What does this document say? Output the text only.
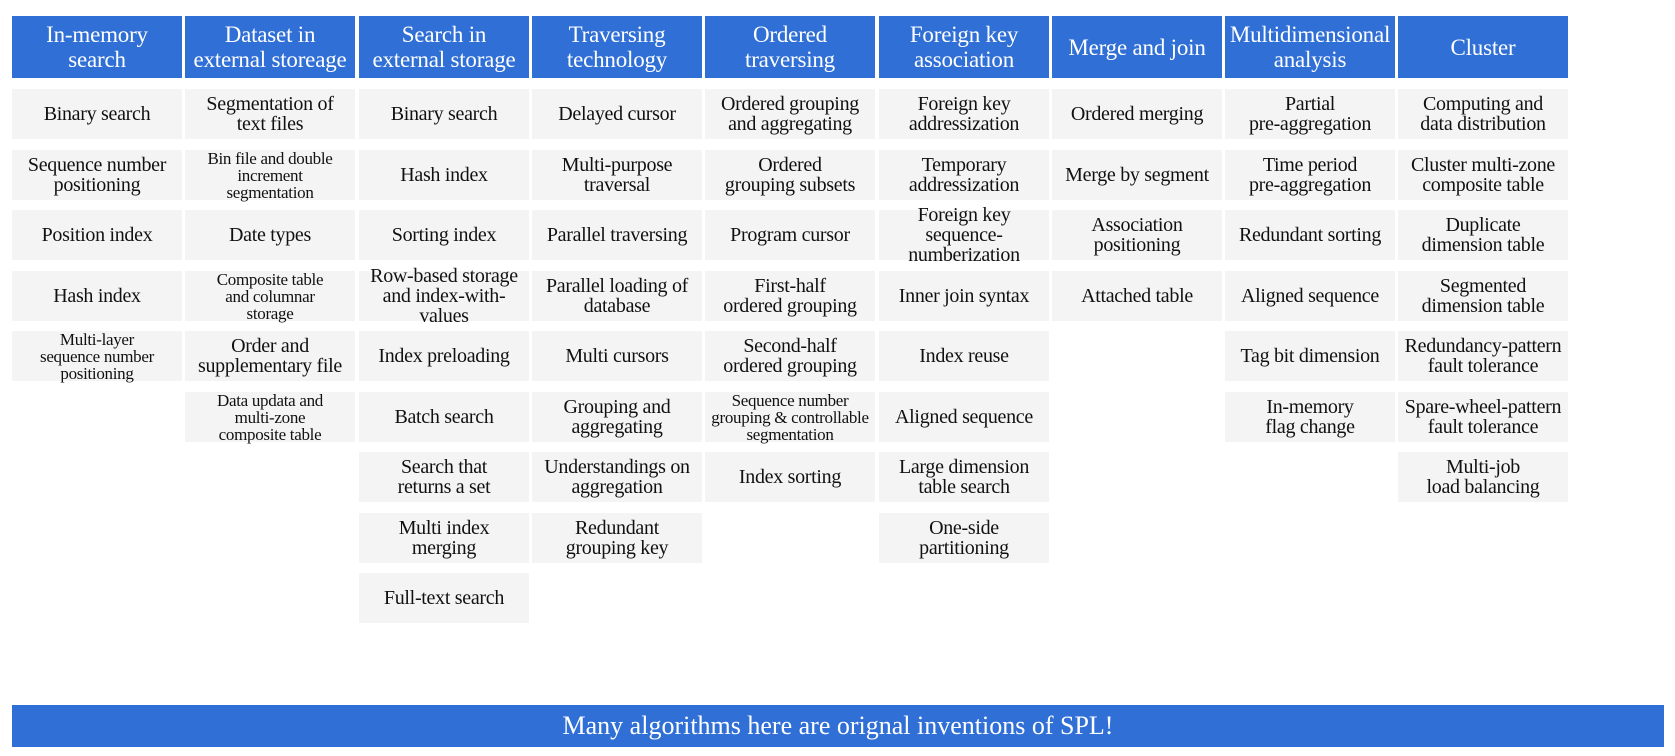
In-memory
search
Binary search
Sequence number
positioning
Position index
Hash index
Multi-layer
sequence number
positioning
Dataset in
external storeage
Segmentation of
text files
Bin file and double
increment
segmentation
Date types
Composite table
and columnar
storage
Order and
supplementary file
Data updata and
multi-zone
composite table
Search in
external storage
Binary search
Hash index
Sorting index
Row-based storage
and index-with-values
Index preloading
Batch search
Search that
returns a set
Multi index
merging
Full-text search
Traversing
technology
Delayed cursor
Multi-purpose
traversal
Parallel traversing
Parallel loading of
database
Multi cursors
Grouping and
aggregating
Understandings on
aggregation
Redundant
grouping key
Ordered
traversing
Ordered grouping
and aggregating
Ordered
grouping subsets
Program cursor
First-half
ordered grouping
Second-half
ordered grouping
Sequence number
grouping & controllable
segmentation
Index sorting
Foreign key
association
Foreign key
addressization
Temporary
addressization
Foreign key
sequence-numberization
Inner join syntax
Index reuse
Aligned sequence
Large dimension
table search
One-side
partitioning
Merge and join
Ordered merging
Merge by segment
Association
positioning
Attached table
Multidimensional
analysis
Partial
pre-aggregation
Time period
pre-aggregation
Redundant sorting
Aligned sequence
Tag bit dimension
In-memory
flag change
Cluster
Computing and
data distribution
Cluster multi-zone
composite table
Duplicate
dimension table
Segmented
dimension table
Redundancy-pattern
fault tolerance
Spare-wheel-pattern
fault tolerance
Multi-job
load balancing
Many algorithms here are orignal inventions of SPL!
